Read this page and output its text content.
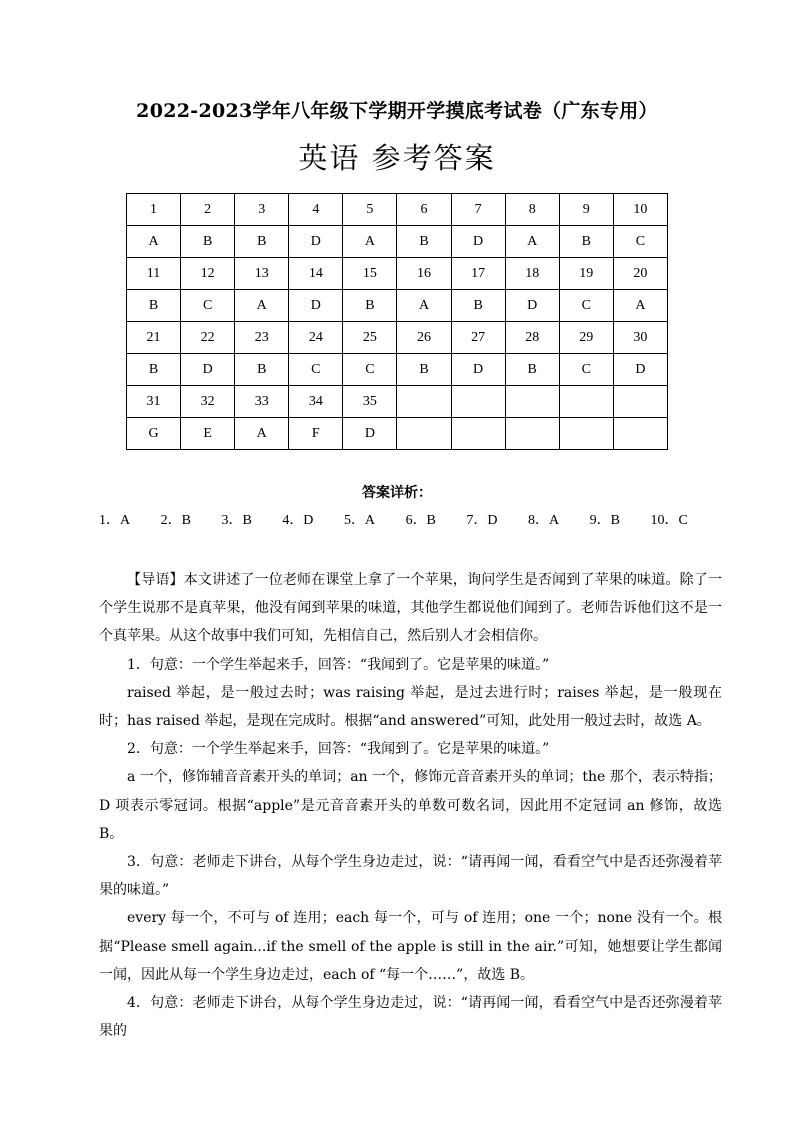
2022-2023学年八年级下学期开学摸底考试卷（广东专用）
英语 参考答案
1	2	3	4	5	6	7	8	9	10
A	B	B	D	A	B	D	A	B	C
11	12	13	14	15	16	17	18	19	20
B	C	A	D	B	A	B	D	C	A
21	22	23	24	25	26	27	28	29	30
B	D	B	C	C	B	D	B	C	D
31	32	33	34	35					
G	E	A	F	D					
答案详析：
1．A 2．B 3．B 4．D 5．A 6．B 7．D 8．A 9．B 10．C

【导语】本文讲述了一位老师在课堂上拿了一个苹果，询问学生是否闻到了苹果的味道。除了一个学生说那不是真苹果，他没有闻到苹果的味道，其他学生都说他们闻到了。老师告诉他们这不是一个真苹果。从这个故事中我们可知，先相信自己，然后别人才会相信你。

1．句意：一个学生举起来手，回答：“我闻到了。它是苹果的味道。”

raised 举起，是一般过去时；was raising 举起，是过去进行时；raises 举起，是一般现在时；has raised 举起，是现在完成时。根据“and answered”可知，此处用一般过去时，故选 A。

2．句意：一个学生举起来手，回答：“我闻到了。它是苹果的味道。”

a 一个，修饰辅音音素开头的单词；an 一个，修饰元音音素开头的单词；the 那个，表示特指；D 项表示零冠词。根据“apple”是元音音素开头的单数可数名词，因此用不定冠词 an 修饰，故选 B。

3．句意：老师走下讲台，从每个学生身边走过，说：“请再闻一闻，看看空气中是否还弥漫着苹果的味道。”

every 每一个，不可与 of 连用；each 每一个，可与 of 连用；one 一个；none 没有一个。根据“Please smell again...if the smell of the apple is still in the air.”可知，她想要让学生都闻一闻，因此从每一个学生身边走过，each of “每一个……”，故选 B。

4．句意：老师走下讲台，从每个学生身边走过，说：“请再闻一闻，看看空气中是否还弥漫着苹果的
